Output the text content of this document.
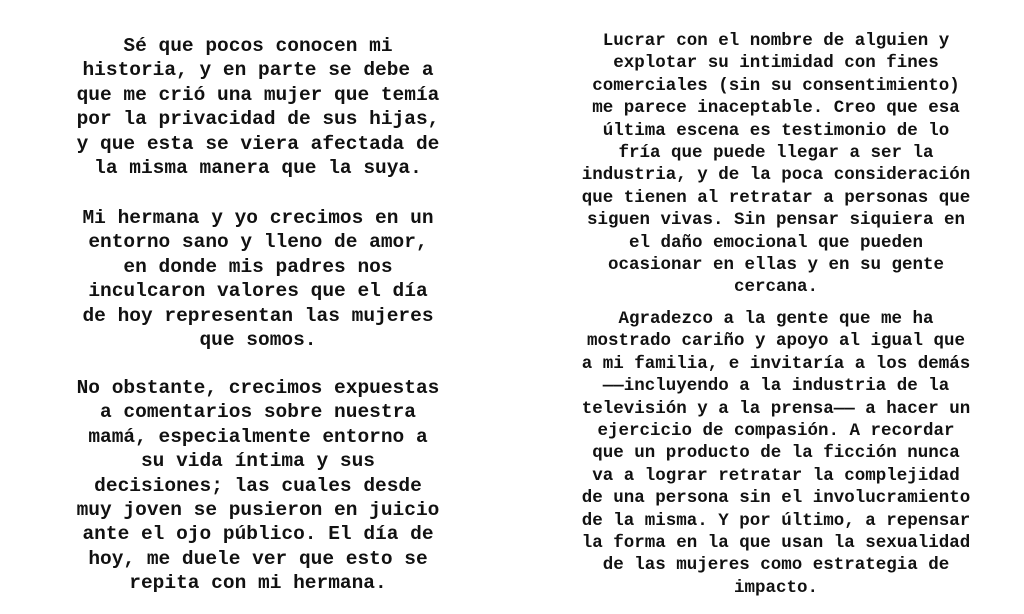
Sé que pocos conocen mi
historia, y en parte se debe a
que me crió una mujer que temía
por la privacidad de sus hijas,
y que esta se viera afectada de
la misma manera que la suya.

Mi hermana y yo crecimos en un
entorno sano y lleno de amor,
en donde mis padres nos
inculcaron valores que el día
de hoy representan las mujeres
que somos.

No obstante, crecimos expuestas
a comentarios sobre nuestra
mamá, especialmente entorno a
su vida íntima y sus
decisiones; las cuales desde
muy joven se pusieron en juicio
ante el ojo público. El día de
hoy, me duele ver que esto se
repita con mi hermana.

Lucrar con el nombre de alguien y
explotar su intimidad con fines
comerciales (sin su consentimiento)
me parece inaceptable. Creo que esa
última escena es testimonio de lo
fría que puede llegar a ser la
industria, y de la poca consideración
que tienen al retratar a personas que
siguen vivas. Sin pensar siquiera en
el daño emocional que pueden
ocasionar en ellas y en su gente
cercana.

Agradezco a la gente que me ha
mostrado cariño y apoyo al igual que
a mi familia, e invitaría a los demás
——incluyendo a la industria de la
televisión y a la prensa—— a hacer un
ejercicio de compasión. A recordar
que un producto de la ficción nunca
va a lograr retratar la complejidad
de una persona sin el involucramiento
de la misma. Y por último, a repensar
la forma en la que usan la sexualidad
de las mujeres como estrategia de
impacto.
